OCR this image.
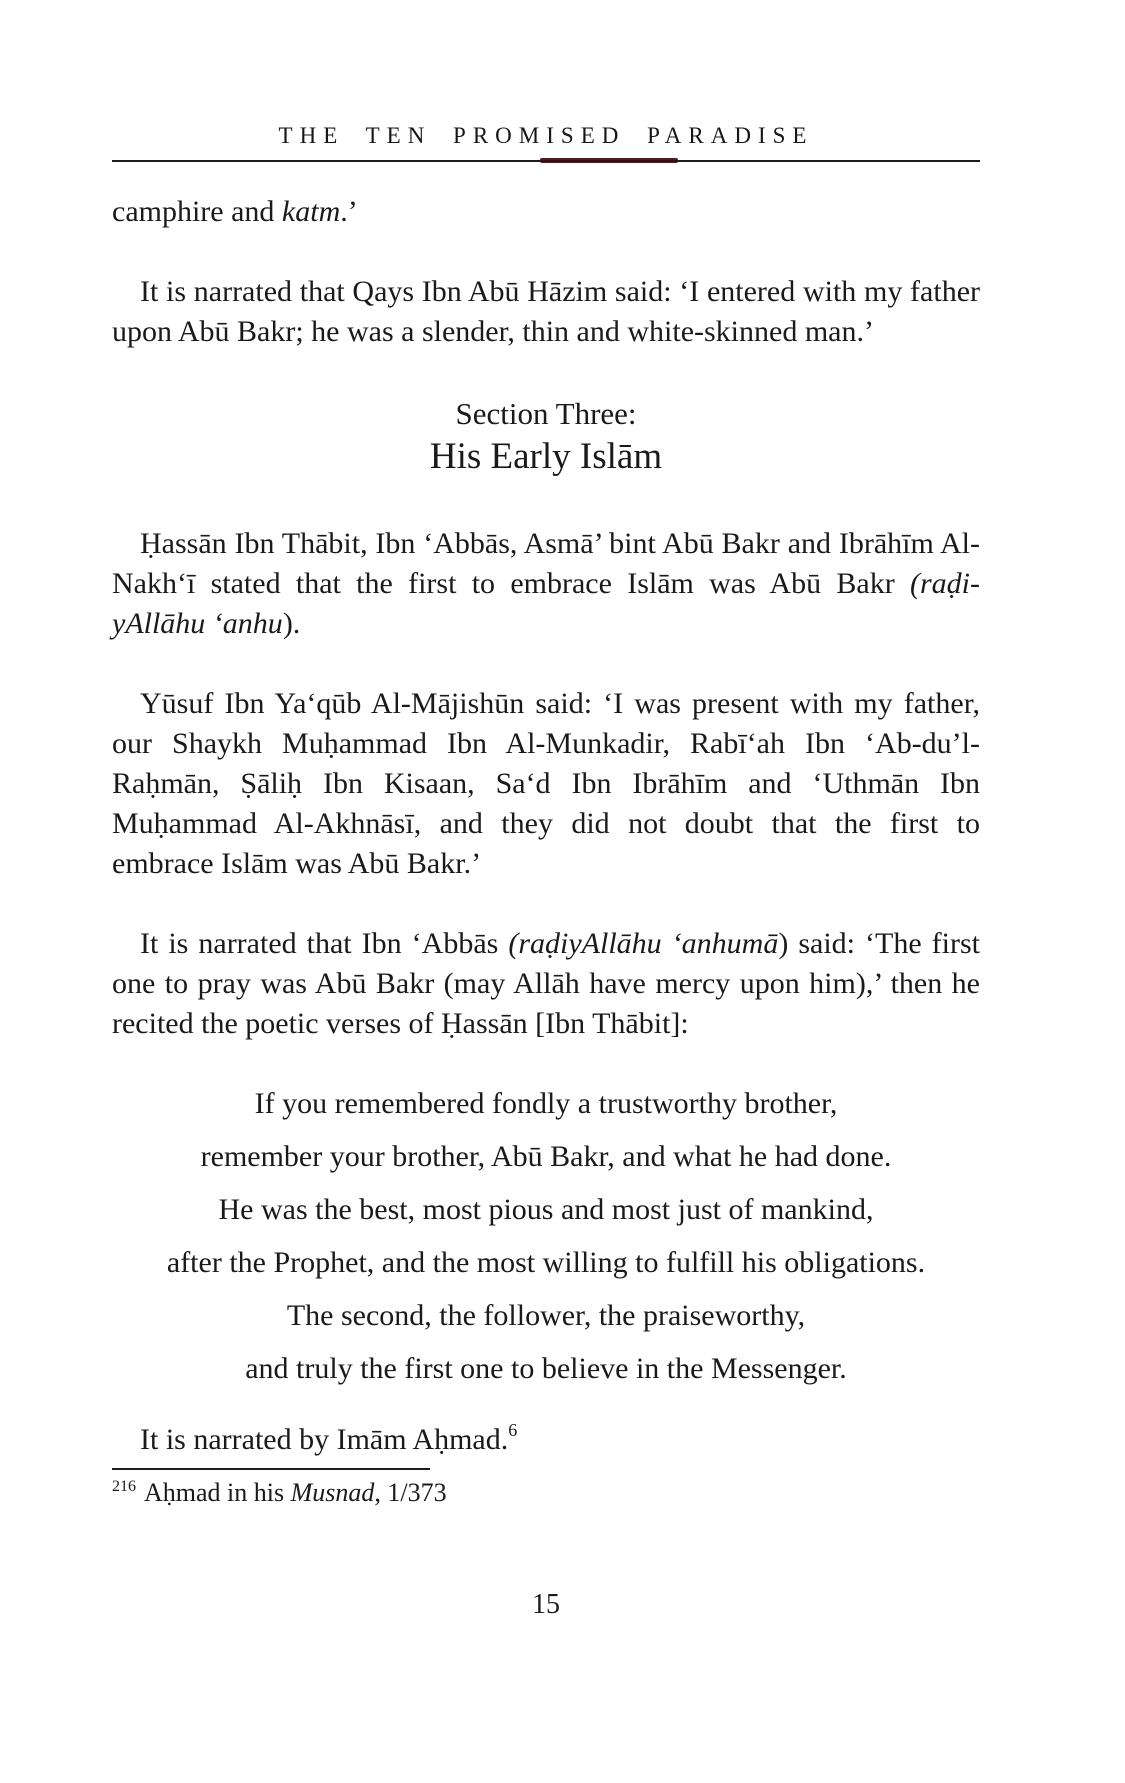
THE TEN PROMISED PARADISE

camphire and katm.’

It is narrated that Qays Ibn Abū Hāzim said: ‘I entered with my father upon Abū Bakr; he was a slender, thin and white-skinned man.’

Section Three:
His Early Islām

Ḥassān Ibn Thābit, Ibn ‘Abbās, Asmā’ bint Abū Bakr and Ibrāhīm Al-Nakh‘ī stated that the first to embrace Islām was Abū Bakr (raḍi-yAllāhu ‘anhu).

Yūsuf Ibn Ya‘qūb Al-Mājishūn said: ‘I was present with my father, our Shaykh Muḥammad Ibn Al-Munkadir, Rabī‘ah Ibn ‘Ab-du’l-Raḥmān, Ṣāliḥ Ibn Kisaan, Sa‘d Ibn Ibrāhīm and ‘Uthmān Ibn Muḥammad Al-Akhnāsī, and they did not doubt that the first to embrace Islām was Abū Bakr.’

It is narrated that Ibn ‘Abbās (raḍiyAllāhu ‘anhumā) said: ‘The first one to pray was Abū Bakr (may Allāh have mercy upon him),’ then he recited the poetic verses of Ḥassān [Ibn Thābit]:

If you remembered fondly a trustworthy brother,
remember your brother, Abū Bakr, and what he had done.
He was the best, most pious and most just of mankind,
after the Prophet, and the most willing to fulfill his obligations.
The second, the follower, the praiseworthy,
and truly the first one to believe in the Messenger.

It is narrated by Imām Aḥmad.$^6$

$^{216}$ Aḥmad in his Musnad, 1/373

15
